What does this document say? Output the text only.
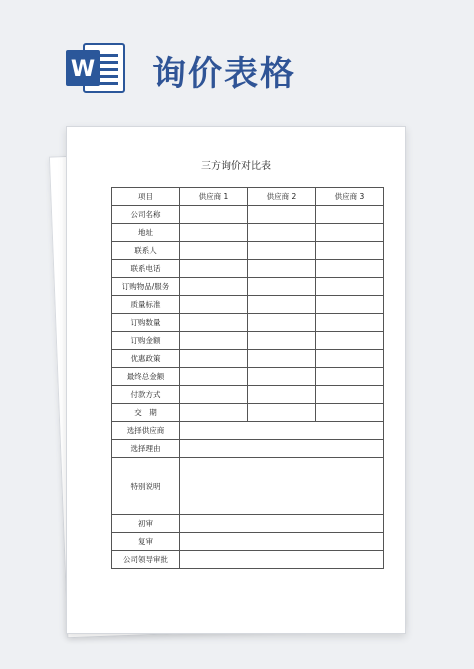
W 询价表格
三方询价对比表
项目	供应商 1	供应商 2	供应商 3
公司名称			
地址			
联系人			
联系电话			
订购物品/服务			
质量标准			
订购数量			
订购金额			
优惠政策			
最终总金额			
付款方式			
交　期			
选择供应商			
选择理由			
特别说明			
初审			
复审			
公司领导审批			
